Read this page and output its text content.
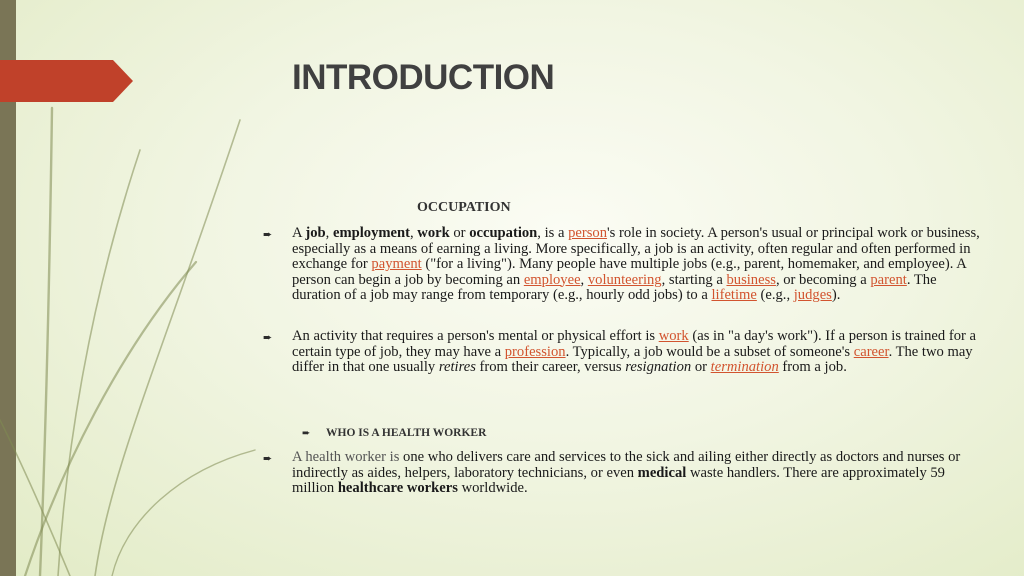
INTRODUCTION
OCCUPATION
➨ A job, employment, work or occupation, is a person's role in society. A person's usual or principal work or business, especially as a means of earning a living. More specifically, a job is an activity, often regular and often performed in exchange for payment ("for a living"). Many people have multiple jobs (e.g., parent, homemaker, and employee). A person can begin a job by becoming an employee, volunteering, starting a business, or becoming a parent. The duration of a job may range from temporary (e.g., hourly odd jobs) to a lifetime (e.g., judges).
➨ An activity that requires a person's mental or physical effort is work (as in "a day's work"). If a person is trained for a certain type of job, they may have a profession. Typically, a job would be a subset of someone's career. The two may differ in that one usually retires from their career, versus resignation or termination from a job.
➨ WHO IS A HEALTH WORKER
➨ A health worker is one who delivers care and services to the sick and ailing either directly as doctors and nurses or indirectly as aides, helpers, laboratory technicians, or even medical waste handlers. There are approximately 59 million healthcare workers worldwide.
